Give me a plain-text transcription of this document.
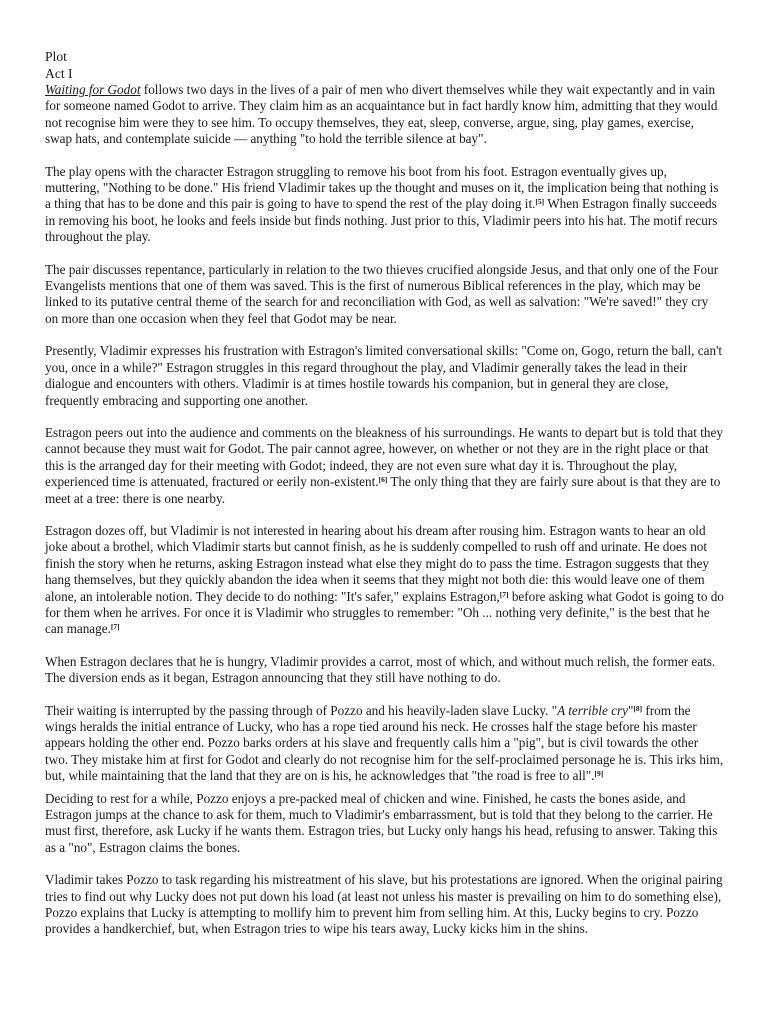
Plot
Act I

Waiting for Godot follows two days in the lives of a pair of men who divert themselves while they wait expectantly and in vain for someone named Godot to arrive. They claim him as an acquaintance but in fact hardly know him, admitting that they would not recognise him were they to see him. To occupy themselves, they eat, sleep, converse, argue, sing, play games, exercise, swap hats, and contemplate suicide — anything "to hold the terrible silence at bay".

The play opens with the character Estragon struggling to remove his boot from his foot. Estragon eventually gives up, muttering, "Nothing to be done." His friend Vladimir takes up the thought and muses on it, the implication being that nothing is a thing that has to be done and this pair is going to have to spend the rest of the play doing it.[5] When Estragon finally succeeds in removing his boot, he looks and feels inside but finds nothing. Just prior to this, Vladimir peers into his hat. The motif recurs throughout the play.

The pair discusses repentance, particularly in relation to the two thieves crucified alongside Jesus, and that only one of the Four Evangelists mentions that one of them was saved. This is the first of numerous Biblical references in the play, which may be linked to its putative central theme of the search for and reconciliation with God, as well as salvation: "We're saved!" they cry on more than one occasion when they feel that Godot may be near.

Presently, Vladimir expresses his frustration with Estragon's limited conversational skills: "Come on, Gogo, return the ball, can't you, once in a while?" Estragon struggles in this regard throughout the play, and Vladimir generally takes the lead in their dialogue and encounters with others. Vladimir is at times hostile towards his companion, but in general they are close, frequently embracing and supporting one another.

Estragon peers out into the audience and comments on the bleakness of his surroundings. He wants to depart but is told that they cannot because they must wait for Godot. The pair cannot agree, however, on whether or not they are in the right place or that this is the arranged day for their meeting with Godot; indeed, they are not even sure what day it is. Throughout the play, experienced time is attenuated, fractured or eerily non-existent.[6] The only thing that they are fairly sure about is that they are to meet at a tree: there is one nearby.

Estragon dozes off, but Vladimir is not interested in hearing about his dream after rousing him. Estragon wants to hear an old joke about a brothel, which Vladimir starts but cannot finish, as he is suddenly compelled to rush off and urinate. He does not finish the story when he returns, asking Estragon instead what else they might do to pass the time. Estragon suggests that they hang themselves, but they quickly abandon the idea when it seems that they might not both die: this would leave one of them alone, an intolerable notion. They decide to do nothing: "It's safer," explains Estragon,[7] before asking what Godot is going to do for them when he arrives. For once it is Vladimir who struggles to remember: "Oh ... nothing very definite," is the best that he can manage.[7]

When Estragon declares that he is hungry, Vladimir provides a carrot, most of which, and without much relish, the former eats. The diversion ends as it began, Estragon announcing that they still have nothing to do.

Their waiting is interrupted by the passing through of Pozzo and his heavily-laden slave Lucky. "A terrible cry"[8] from the wings heralds the initial entrance of Lucky, who has a rope tied around his neck. He crosses half the stage before his master appears holding the other end. Pozzo barks orders at his slave and frequently calls him a "pig", but is civil towards the other two. They mistake him at first for Godot and clearly do not recognise him for the self-proclaimed personage he is. This irks him, but, while maintaining that the land that they are on is his, he acknowledges that "the road is free to all".[9]

Deciding to rest for a while, Pozzo enjoys a pre-packed meal of chicken and wine. Finished, he casts the bones aside, and Estragon jumps at the chance to ask for them, much to Vladimir's embarrassment, but is told that they belong to the carrier. He must first, therefore, ask Lucky if he wants them. Estragon tries, but Lucky only hangs his head, refusing to answer. Taking this as a "no", Estragon claims the bones.

Vladimir takes Pozzo to task regarding his mistreatment of his slave, but his protestations are ignored. When the original pairing tries to find out why Lucky does not put down his load (at least not unless his master is prevailing on him to do something else), Pozzo explains that Lucky is attempting to mollify him to prevent him from selling him. At this, Lucky begins to cry. Pozzo provides a handkerchief, but, when Estragon tries to wipe his tears away, Lucky kicks him in the shins.
